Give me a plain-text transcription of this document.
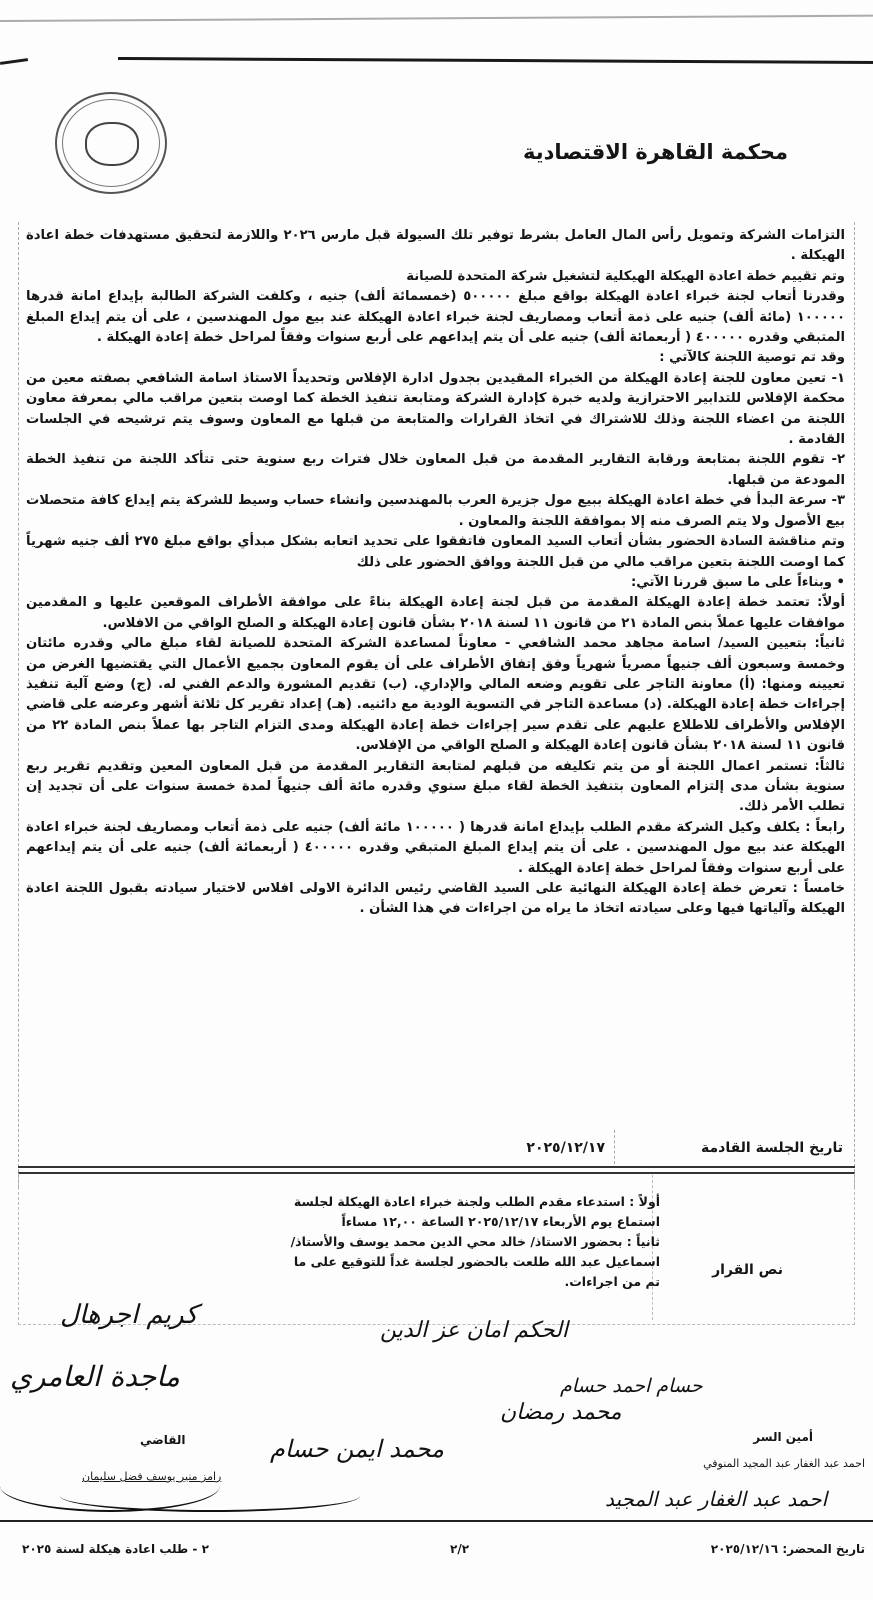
محكمة القاهرة الاقتصادية

التزامات الشركة وتمويل رأس المال العامل بشرط توفير تلك السيولة قبل مارس ٢٠٢٦ واللازمة لتحقيق مستهدفات خطة اعادة الهيكلة .

وتم تقييم خطة اعادة الهيكلة الهيكلية لتشغيل شركة المتحدة للصيانة

وقدرنا أتعاب لجنة خبراء اعادة الهيكلة بواقع مبلغ ٥٠٠٠٠٠ (خمسمائة ألف) جنيه ، وكلفت الشركة الطالبة بإيداع امانة قدرها ١٠٠٠٠٠ (مائة ألف) جنيه على ذمة أتعاب ومصاريف لجنة خبراء اعادة الهيكلة عند بيع مول المهندسين ، على أن يتم إيداع المبلغ المتبقي وقدره ٤٠٠٠٠٠ ( أربعمائة ألف) جنيه على أن يتم إيداعهم على أربع سنوات وفقاً لمراحل خطة إعادة الهيكلة .

وقد تم توصية اللجنة كالآتي :

١- تعين معاون للجنة إعادة الهيكلة من الخبراء المقيدين بجدول ادارة الإفلاس وتحديداً الاستاذ اسامة الشافعي بصفته معين من محكمة الإفلاس للتدابير الاحترازية ولديه خبرة كإدارة الشركة ومتابعة تنفيذ الخطة كما اوصت بتعين مراقب مالي بمعرفة معاون اللجنة من اعضاء اللجنة وذلك للاشتراك في اتخاذ القرارات والمتابعة من قبلها مع المعاون وسوف يتم ترشيحه في الجلسات القادمة .

٢- تقوم اللجنة بمتابعة ورقابة التقارير المقدمة من قبل المعاون خلال فترات ربع سنوية حتى تتأكد اللجنة من تنفيذ الخطة المودعة من قبلها.

٣- سرعة البدأ في خطة اعادة الهيكلة ببيع مول جزيرة العرب بالمهندسين وانشاء حساب وسيط للشركة يتم إيداع كافة متحصلات بيع الأصول ولا يتم الصرف منه إلا بموافقة اللجنة والمعاون .

وتم مناقشة السادة الحضور بشأن أتعاب السيد المعاون فاتفقوا على تحديد اتعابه بشكل مبدأي بواقع مبلغ ٢٧٥ ألف جنيه شهرياً كما اوصت اللجنة بتعين مراقب مالي من قبل اللجنة ووافق الحضور على ذلك

• وبناءاً على ما سبق قررنا الآتي:

أولاً: تعتمد خطة إعادة الهيكلة المقدمة من قبل لجنة إعادة الهيكلة بناءً على موافقة الأطراف الموقعين عليها و المقدمين موافقات عليها عملاً بنص المادة ٢١ من قانون ١١ لسنة ٢٠١٨ بشأن قانون إعادة الهيكلة و الصلح الواقي من الافلاس.

ثانياً: بتعيين السيد/ اسامة مجاهد محمد الشافعي - معاوناً لمساعدة الشركة المتحدة للصيانة لقاء مبلغ مالي وقدره مائتان وخمسة وسبعون ألف جنيهاً مصرياً شهرياً وفق إتفاق الأطراف على أن يقوم المعاون بجميع الأعمال التي يقتضيها الغرض من تعيينه ومنها: (أ) معاونة التاجر على تقويم وضعه المالي والإداري. (ب) تقديم المشورة والدعم الفني له. (ج) وضع آلية تنفيذ إجراءات خطة إعادة الهيكلة. (د) مساعدة التاجر في التسوية الودية مع دائنيه. (هـ) إعداد تقرير كل ثلاثة أشهر وعرضه على قاضي الإفلاس والأطراف للاطلاع عليهم على تقدم سير إجراءات خطة إعادة الهيكلة ومدى التزام التاجر بها عملاً بنص المادة ٢٢ من قانون ١١ لسنة ٢٠١٨ بشأن قانون إعادة الهيكلة و الصلح الواقي من الإفلاس.

ثالثاً: تستمر اعمال اللجنة أو من يتم تكليفه من قبلهم لمتابعة التقارير المقدمة من قبل المعاون المعين وتقديم تقرير ربع سنوية بشأن مدى إلتزام المعاون بتنفيذ الخطة لقاء مبلغ سنوي وقدره مائة ألف جنيهاً لمدة خمسة سنوات على أن تجديد إن تطلب الأمر ذلك.

رابعاً : يكلف وكيل الشركة مقدم الطلب بإيداع امانة قدرها ( ١٠٠٠٠٠ مائة ألف) جنيه على ذمة أتعاب ومصاريف لجنة خبراء اعادة الهيكلة عند بيع مول المهندسين . على أن يتم إيداع المبلغ المتبقي وقدره ٤٠٠٠٠٠ ( أربعمائة ألف) جنيه على أن يتم إيداعهم على أربع سنوات وفقاً لمراحل خطة إعادة الهيكلة .

خامساً : تعرض خطة إعادة الهيكلة النهائية على السيد القاضي رئيس الدائرة الاولى افلاس لاختيار سيادته بقبول اللجنة اعادة الهيكلة وآلياتها فيها وعلى سيادته اتخاذ ما يراه من اجراءات في هذا الشأن .

تاريخ الجلسة القادمة
٢٠٢٥/١٢/١٧
نص القرار

أولاً : استدعاء مقدم الطلب ولجنة خبراء اعادة الهيكلة لجلسة استماع يوم الأربعاء ٢٠٢٥/١٢/١٧ الساعة ١٢,٠٠ مساءاً

ثانياً : بحضور الاستاذ/ خالد محي الدين محمد يوسف والأستاذ/ اسماعيل عبد الله طلعت بالحضور لجلسة غداً للتوقيع على ما تم من اجراءات.

كريم اجرهال
ماجدة العامري
الحكم امان عز الدين
حسام احمد حسام
محمد رمضان
محمد ايمن حسام
احمد عبد الغفار عبد المجيد
أمين السر
احمد عبد الغفار عبد المجيد المنوفي
القاضي
رامز منير يوسف فضل سليمان
تاريخ المحضر: ٢٠٢٥/١٢/١٦
٢/٢
٢ - طلب اعادة هيكلة لسنة ٢٠٢٥
